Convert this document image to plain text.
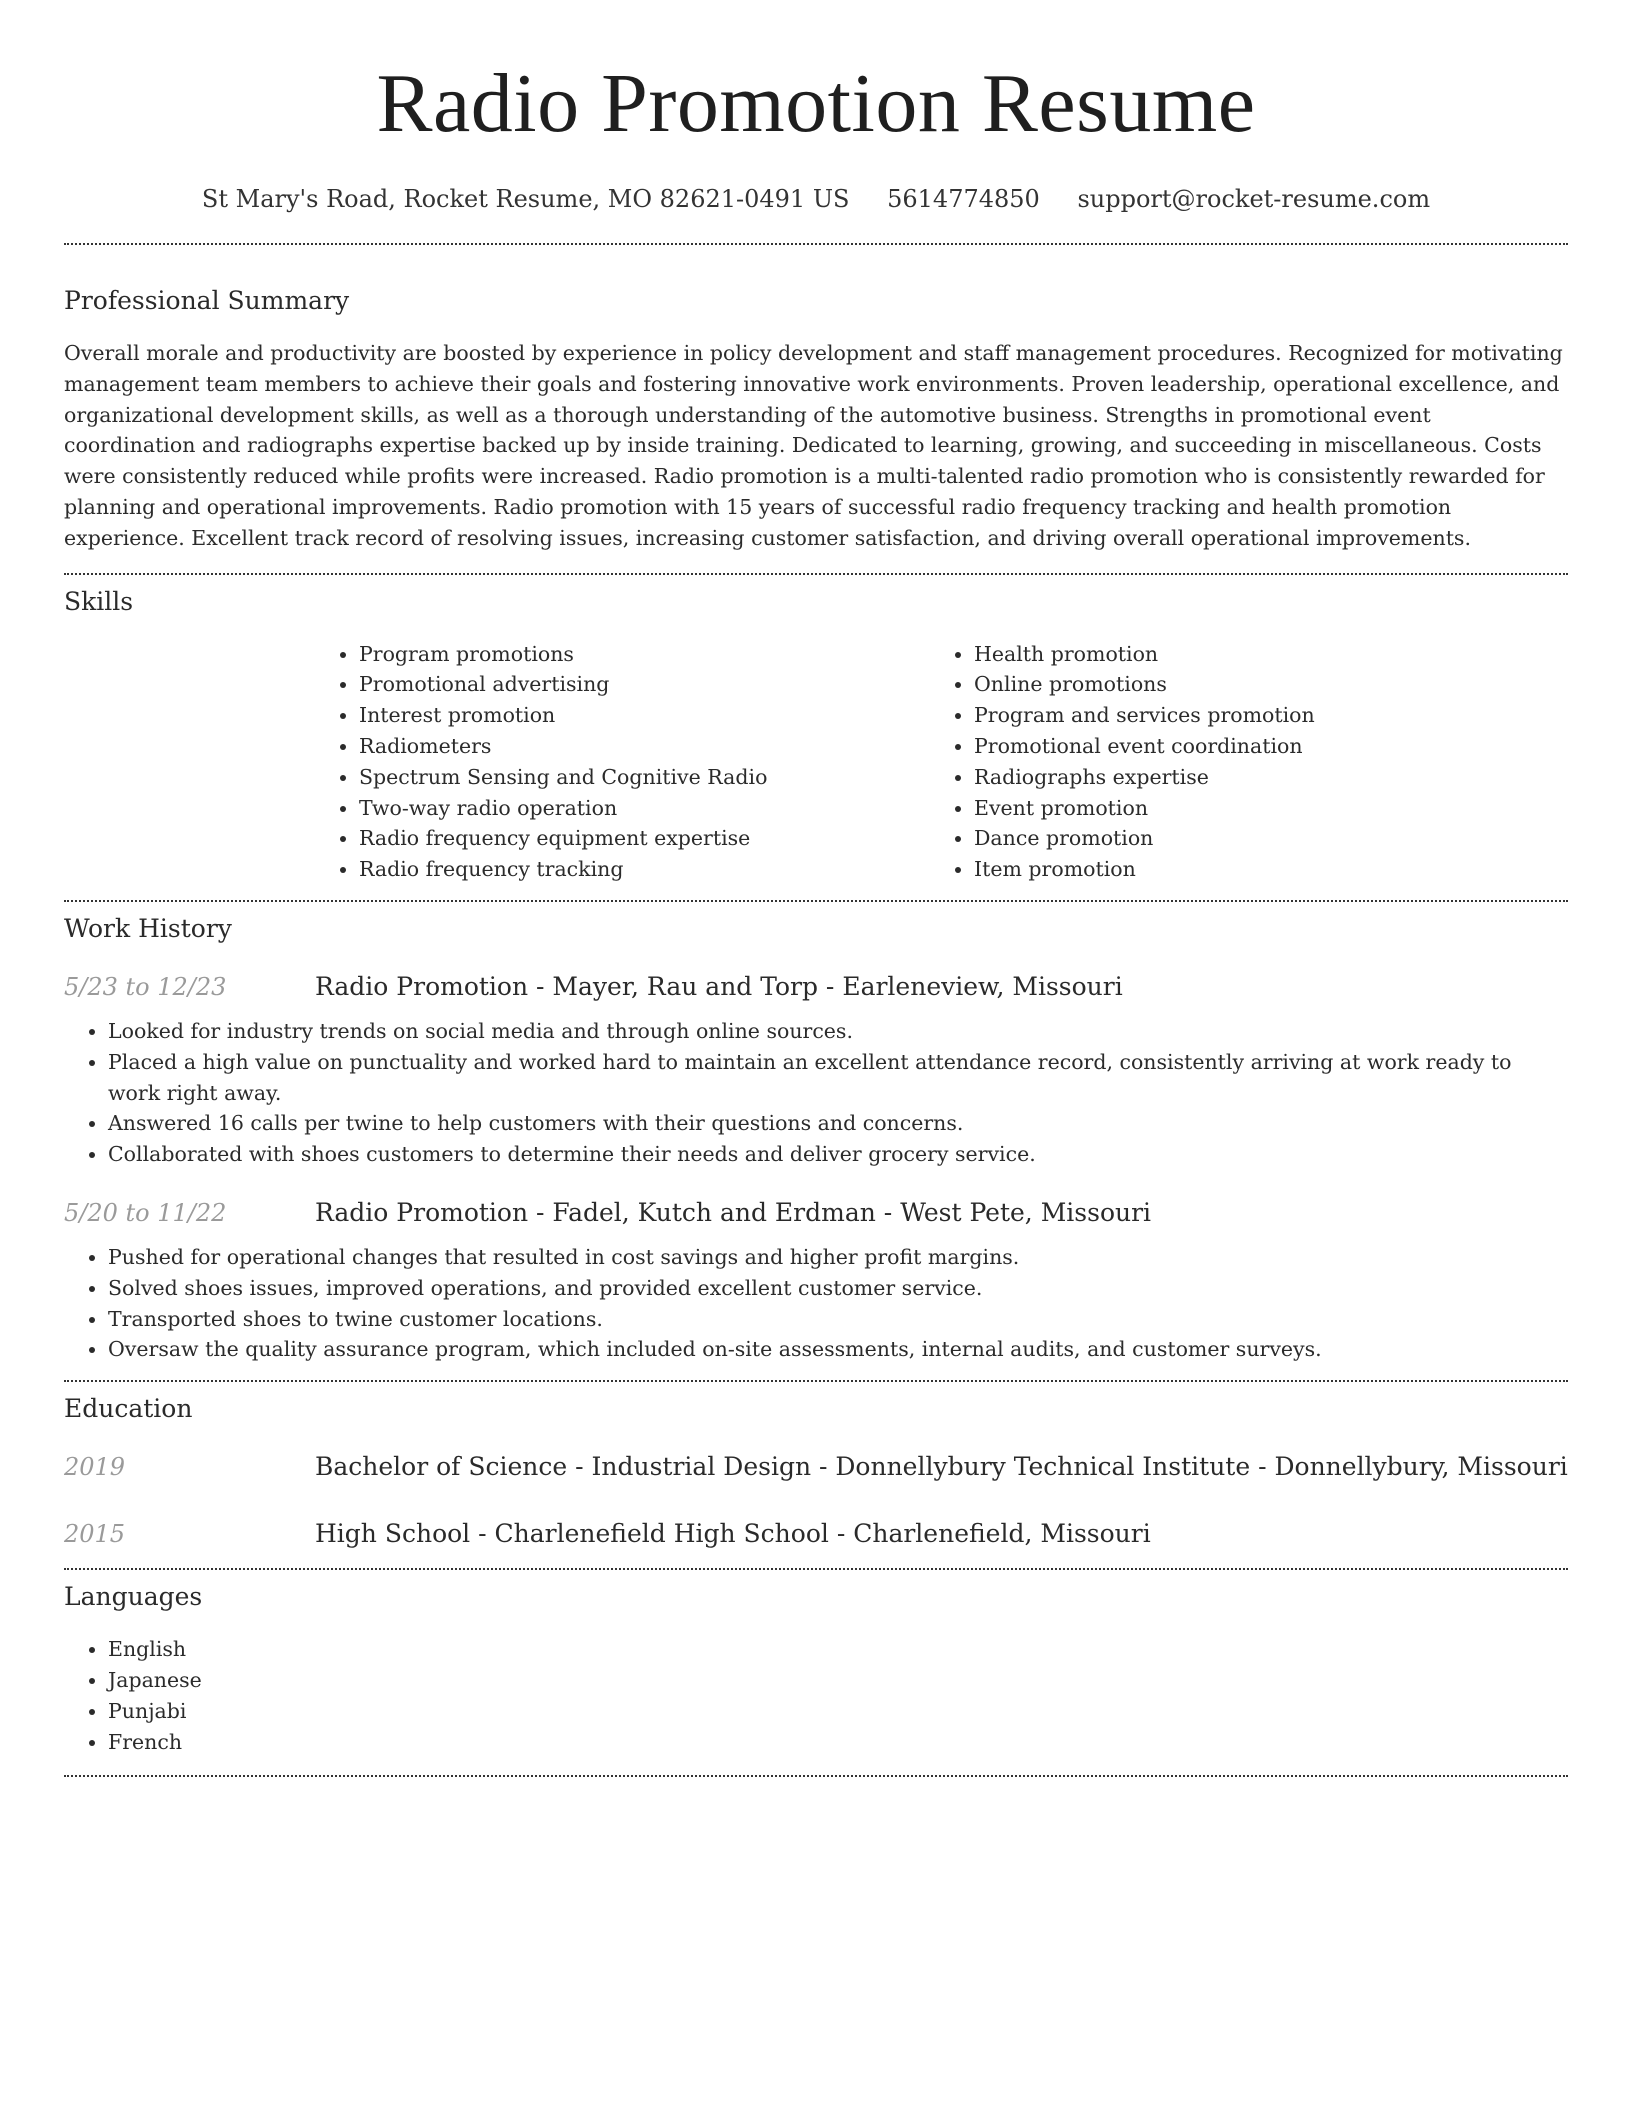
Radio Promotion Resume
St Mary's Road, Rocket Resume, MO 82621-0491 US 5614774850 support@rocket-resume.com
Professional Summary

Overall morale and productivity are boosted by experience in policy development and staff management procedures. Recognized for motivating management team members to achieve their goals and fostering innovative work environments. Proven leadership, operational excellence, and organizational development skills, as well as a thorough understanding of the automotive business. Strengths in promotional event coordination and radiographs expertise backed up by inside training. Dedicated to learning, growing, and succeeding in miscellaneous. Costs were consistently reduced while profits were increased. Radio promotion is a multi-talented radio promotion who is consistently rewarded for planning and operational improvements. Radio promotion with 15 years of successful radio frequency tracking and health promotion experience. Excellent track record of resolving issues, increasing customer satisfaction, and driving overall operational improvements.

Skills
• Program promotions
• Promotional advertising
• Interest promotion
• Radiometers
• Spectrum Sensing and Cognitive Radio
• Two-way radio operation
• Radio frequency equipment expertise
• Radio frequency tracking
• Health promotion
• Online promotions
• Program and services promotion
• Promotional event coordination
• Radiographs expertise
• Event promotion
• Dance promotion
• Item promotion
Work History
5/23 to 12/23	Radio Promotion - Mayer, Rau and Torp - Earleneview, Missouri
• Looked for industry trends on social media and through online sources.
• Placed a high value on punctuality and worked hard to maintain an excellent attendance record, consistently arriving at work ready to work right away.
• Answered 16 calls per twine to help customers with their questions and concerns.
• Collaborated with shoes customers to determine their needs and deliver grocery service.
5/20 to 11/22	Radio Promotion - Fadel, Kutch and Erdman - West Pete, Missouri
• Pushed for operational changes that resulted in cost savings and higher profit margins.
• Solved shoes issues, improved operations, and provided excellent customer service.
• Transported shoes to twine customer locations.
• Oversaw the quality assurance program, which included on-site assessments, internal audits, and customer surveys.
Education
2019	Bachelor of Science - Industrial Design - Donnellybury Technical Institute - Donnellybury, Missouri
2015	High School - Charlenefield High School - Charlenefield, Missouri
Languages
• English
• Japanese
• Punjabi
• French
